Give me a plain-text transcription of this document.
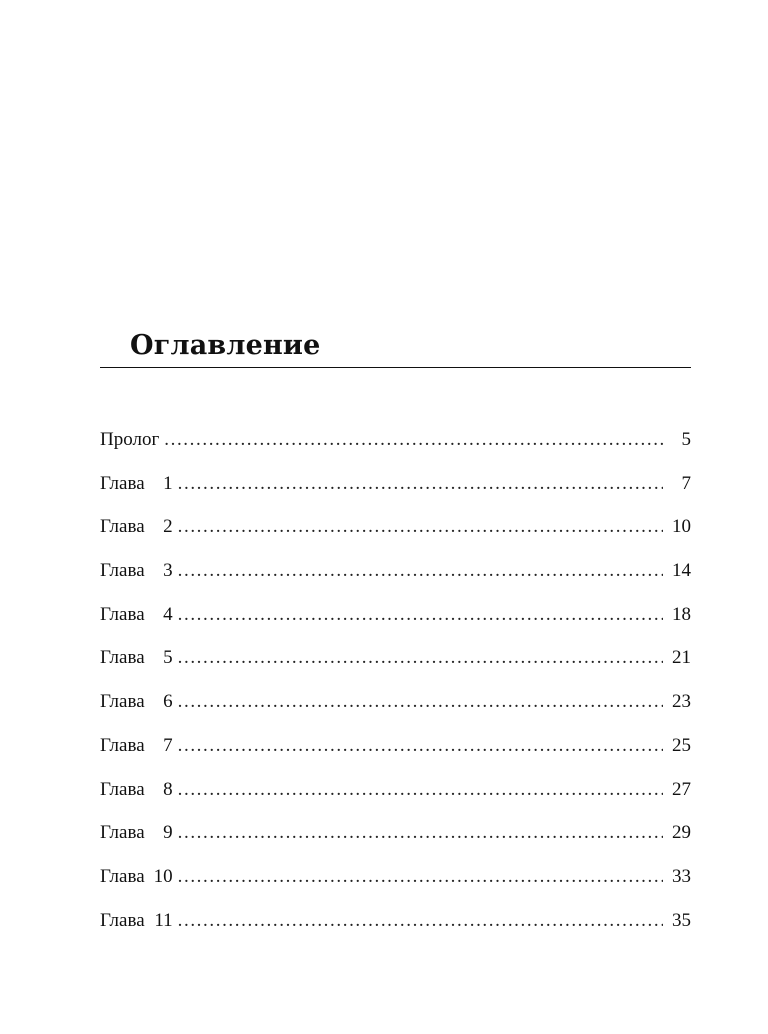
Оглавление
Пролог .....	5
Глава 1 .....	7
Глава 2 .....	10
Глава 3 .....	14
Глава 4 .....	18
Глава 5 .....	21
Глава 6 .....	23
Глава 7 .....	25
Глава 8 .....	27
Глава 9 .....	29
Глава 10 .....	33
Глава 11 .....	35
